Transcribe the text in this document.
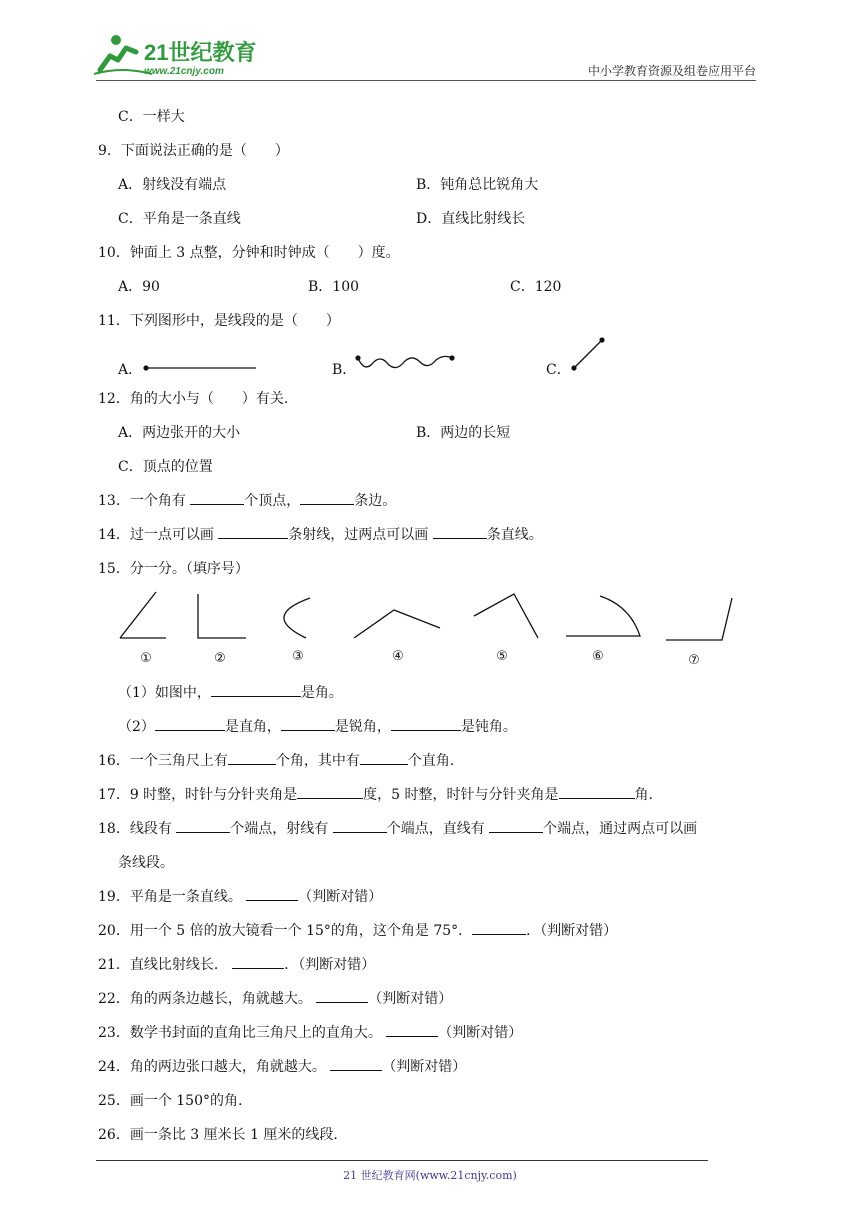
21世纪教育
www.21cnjy.com	中小学教育资源及组卷应用平台
C．一样大
9．下面说法正确的是（　　）
A．射线没有端点	B．钝角总比锐角大
C．平角是一条直线	D．直线比射线长
10．钟面上 3 点整，分钟和时钟成（　　）度。
A．90	B．100	C．120
11．下列图形中，是线段的是（　　）
A．	B．	C．
12．角的大小与（　　）有关.
A．两边张开的大小	B．两边的长短
C．顶点的位置
13．一个角有	个顶点，	条边。
14．过一点可以画	条射线，过两点可以画	条直线。
15．分一分。（填序号）
①	②	③	④	⑤	⑥	⑦
（1）如图中，	是角。
（2）	是直角，	是锐角，	是钝角。
16．一个三角尺上有	个角，其中有	个直角.
17．9 时整，时针与分针夹角是	度，5 时整，时针与分针夹角是	角.
18．线段有	个端点，射线有	个端点，直线有	个端点，通过两点可以画
条线段。
19．平角是一条直线。	（判断对错）
20．用一个 5 倍的放大镜看一个 15°的角，这个角是 75°．	．（判断对错）
21．直线比射线长．	．（判断对错）
22．角的两条边越长，角就越大。	（判断对错）
23．数学书封面的直角比三角尺上的直角大。	（判断对错）
24．角的两边张口越大，角就越大。	（判断对错）
25．画一个 150°的角.
26．画一条比 3 厘米长 1 厘米的线段.
21 世纪教育网(www.21cnjy.com)
